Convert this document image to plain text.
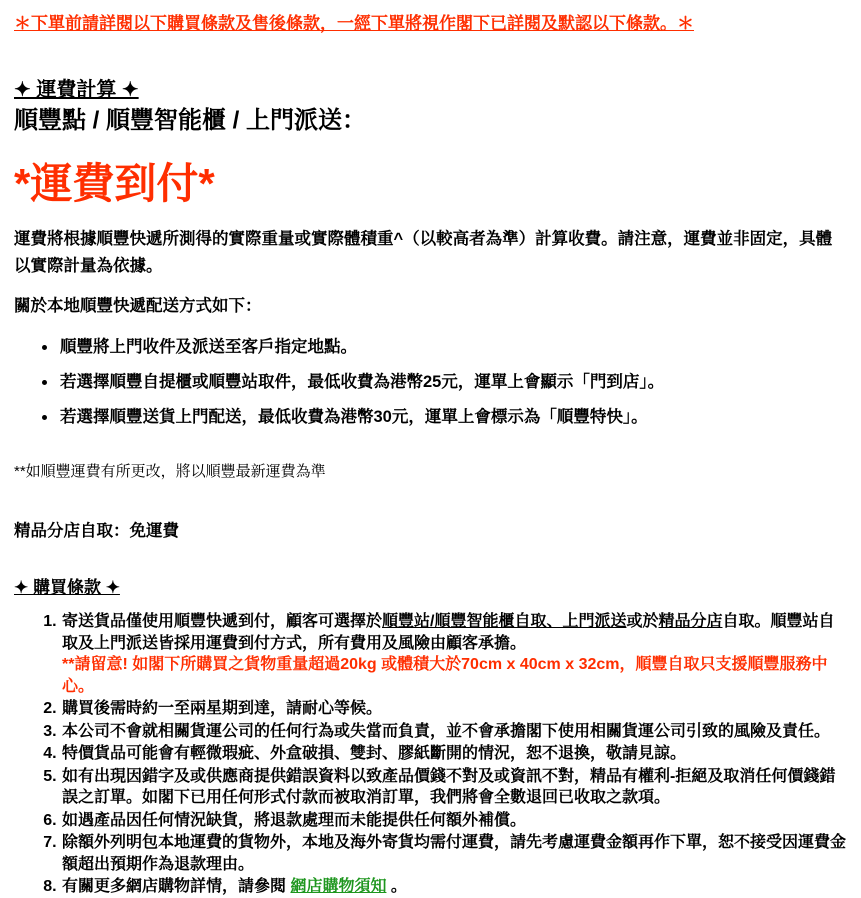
＊下單前請詳閱以下購買條款及售後條款，一經下單將視作閣下已詳閱及默認以下條款。＊
✦ 運費計算 ✦
順豐點 / 順豐智能櫃 / 上門派送：
*運費到付*

運費將根據順豐快遞所測得的實際重量或實際體積重^（以較高者為準）計算收費。請注意，運費並非固定，具體以實際計量為依據。

關於本地順豐快遞配送方式如下：

• 順豐將上門收件及派送至客戶指定地點。
• 若選擇順豐自提櫃或順豐站取件，最低收費為港幣25元，運單上會顯示「門到店」。
• 若選擇順豐送貨上門配送，最低收費為港幣30元，運單上會標示為「順豐特快」。
**如順豐運費有所更改，將以順豐最新運費為準
精品分店自取：免運費
✦ 購買條款 ✦
1. 寄送貨品僅使用順豐快遞到付，顧客可選擇於順豐站/順豐智能櫃自取、上門派送或於精品分店自取。順豐站自取及上門派送皆採用運費到付方式，所有費用及風險由顧客承擔。
**請留意! 如閣下所購買之貨物重量超過20kg 或體積大於70cm x 40cm x 32cm，順豐自取只支援順豐服務中心。
2. 購買後需時約一至兩星期到達，請耐心等候。
3. 本公司不會就相關貨運公司的任何行為或失當而負責，並不會承擔閣下使用相關貨運公司引致的風險及責任。
4. 特價貨品可能會有輕微瑕疵、外盒破損、雙封、膠紙斷開的情況，恕不退換，敬請見諒。
5. 如有出現因錯字及或供應商提供錯誤資料以致產品價錢不對及或資訊不對，精品有權利-拒絕及取消任何價錢錯誤之訂單。如閣下已用任何形式付款而被取消訂單，我們將會全數退回已收取之款項。
6. 如遇產品因任何情況缺貨，將退款處理而未能提供任何額外補償。
7. 除額外列明包本地運費的貨物外，本地及海外寄貨均需付運費，請先考慮運費金額再作下單，恕不接受因運費金額超出預期作為退款理由。
8. 有關更多網店購物詳情，請參閱 網店購物須知 。
